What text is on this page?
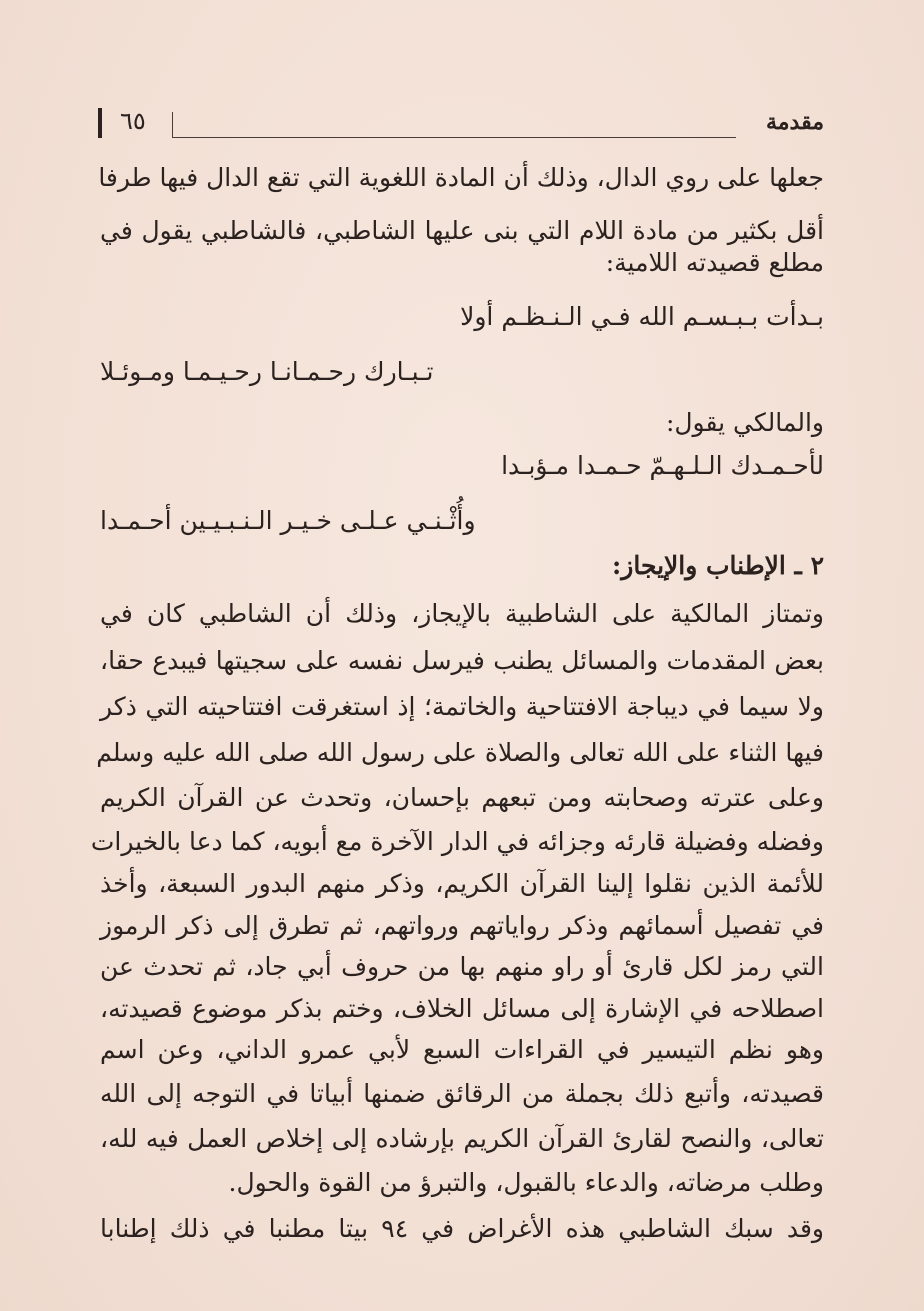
٦٥	مقدمة
جعلها على روي الدال، وذلك أن المادة اللغوية التي تقع الدال فيها طرفا
أقل بكثير من مادة اللام التي بنى عليها الشاطبي، فالشاطبي يقول في
مطلع قصيدته اللامية:
بـدأت بـبـسـم الله فـي الـنـظـم أولا
تـبـارك رحـمـانـا رحـيـمـا ومـوئـلا
والمالكي يقول:
لأحـمـدك الـلـهـمّ حـمـدا مـؤبـدا
وأُثْـنـي عـلـى خـيـر الـنـبـيـين أحـمـدا
٢ ـ الإطناب والإيجاز:
وتمتاز المالكية على الشاطبية بالإيجاز، وذلك أن الشاطبي كان في
بعض المقدمات والمسائل يطنب فيرسل نفسه على سجيتها فيبدع حقا،
ولا سيما في ديباجة الافتتاحية والخاتمة؛ إذ استغرقت افتتاحيته التي ذكر
فيها الثناء على الله تعالى والصلاة على رسول الله صلى الله عليه وسلم
وعلى عترته وصحابته ومن تبعهم بإحسان، وتحدث عن القرآن الكريم
وفضله وفضيلة قارئه وجزائه في الدار الآخرة مع أبويه، كما دعا بالخيرات
للأئمة الذين نقلوا إلينا القرآن الكريم، وذكر منهم البدور السبعة، وأخذ
في تفصيل أسمائهم وذكر رواياتهم ورواتهم، ثم تطرق إلى ذكر الرموز
التي رمز لكل قارئ أو راو منهم بها من حروف أبي جاد، ثم تحدث عن
اصطلاحه في الإشارة إلى مسائل الخلاف، وختم بذكر موضوع قصيدته،
وهو نظم التيسير في القراءات السبع لأبي عمرو الداني، وعن اسم
قصيدته، وأتبع ذلك بجملة من الرقائق ضمنها أبياتا في التوجه إلى الله
تعالى، والنصح لقارئ القرآن الكريم بإرشاده إلى إخلاص العمل فيه لله،
وطلب مرضاته، والدعاء بالقبول، والتبرؤ من القوة والحول.
وقد سبك الشاطبي هذه الأغراض في ٩٤ بيتا مطنبا في ذلك إطنابا
